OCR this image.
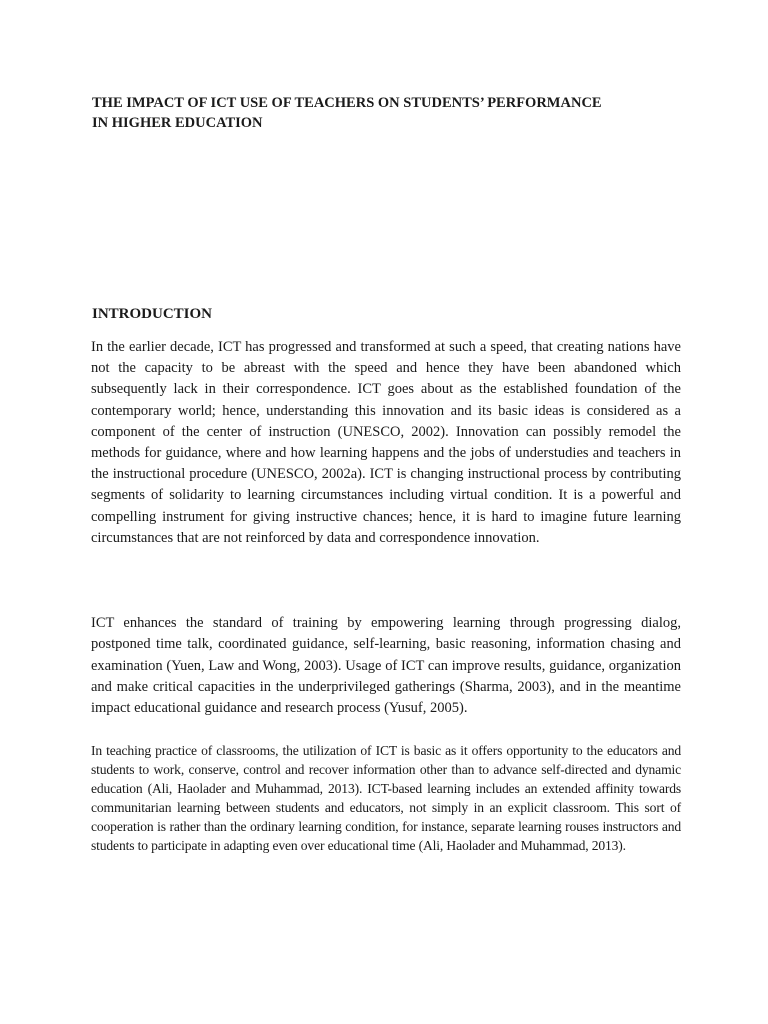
THE IMPACT OF ICT USE OF TEACHERS ON STUDENTS’ PERFORMANCE
IN HIGHER EDUCATION
INTRODUCTION

In the earlier decade, ICT has progressed and transformed at such a speed, that creating nations have not the capacity to be abreast with the speed and hence they have been abandoned which subsequently lack in their correspondence. ICT goes about as the established foundation of the contemporary world; hence, understanding this innovation and its basic ideas is considered as a component of the center of instruction (UNESCO, 2002). Innovation can possibly remodel the methods for guidance, where and how learning happens and the jobs of understudies and teachers in the instructional procedure (UNESCO, 2002a). ICT is changing instructional process by contributing segments of solidarity to learning circumstances including virtual condition. It is a powerful and compelling instrument for giving instructive chances; hence, it is hard to imagine future learning circumstances that are not reinforced by data and correspondence innovation.

ICT enhances the standard of training by empowering learning through progressing dialog, postponed time talk, coordinated guidance, self-learning, basic reasoning, information chasing and examination (Yuen, Law and Wong, 2003). Usage of ICT can improve results, guidance, organization and make critical capacities in the underprivileged gatherings (Sharma, 2003), and in the meantime impact educational guidance and research process (Yusuf, 2005).

In teaching practice of classrooms, the utilization of ICT is basic as it offers opportunity to the educators and students to work, conserve, control and recover information other than to advance self-directed and dynamic education (Ali, Haolader and Muhammad, 2013). ICT-based learning includes an extended affinity towards communitarian learning between students and educators, not simply in an explicit classroom. This sort of cooperation is rather than the ordinary learning condition, for instance, separate learning rouses instructors and students to participate in adapting even over educational time (Ali, Haolader and Muhammad, 2013).
